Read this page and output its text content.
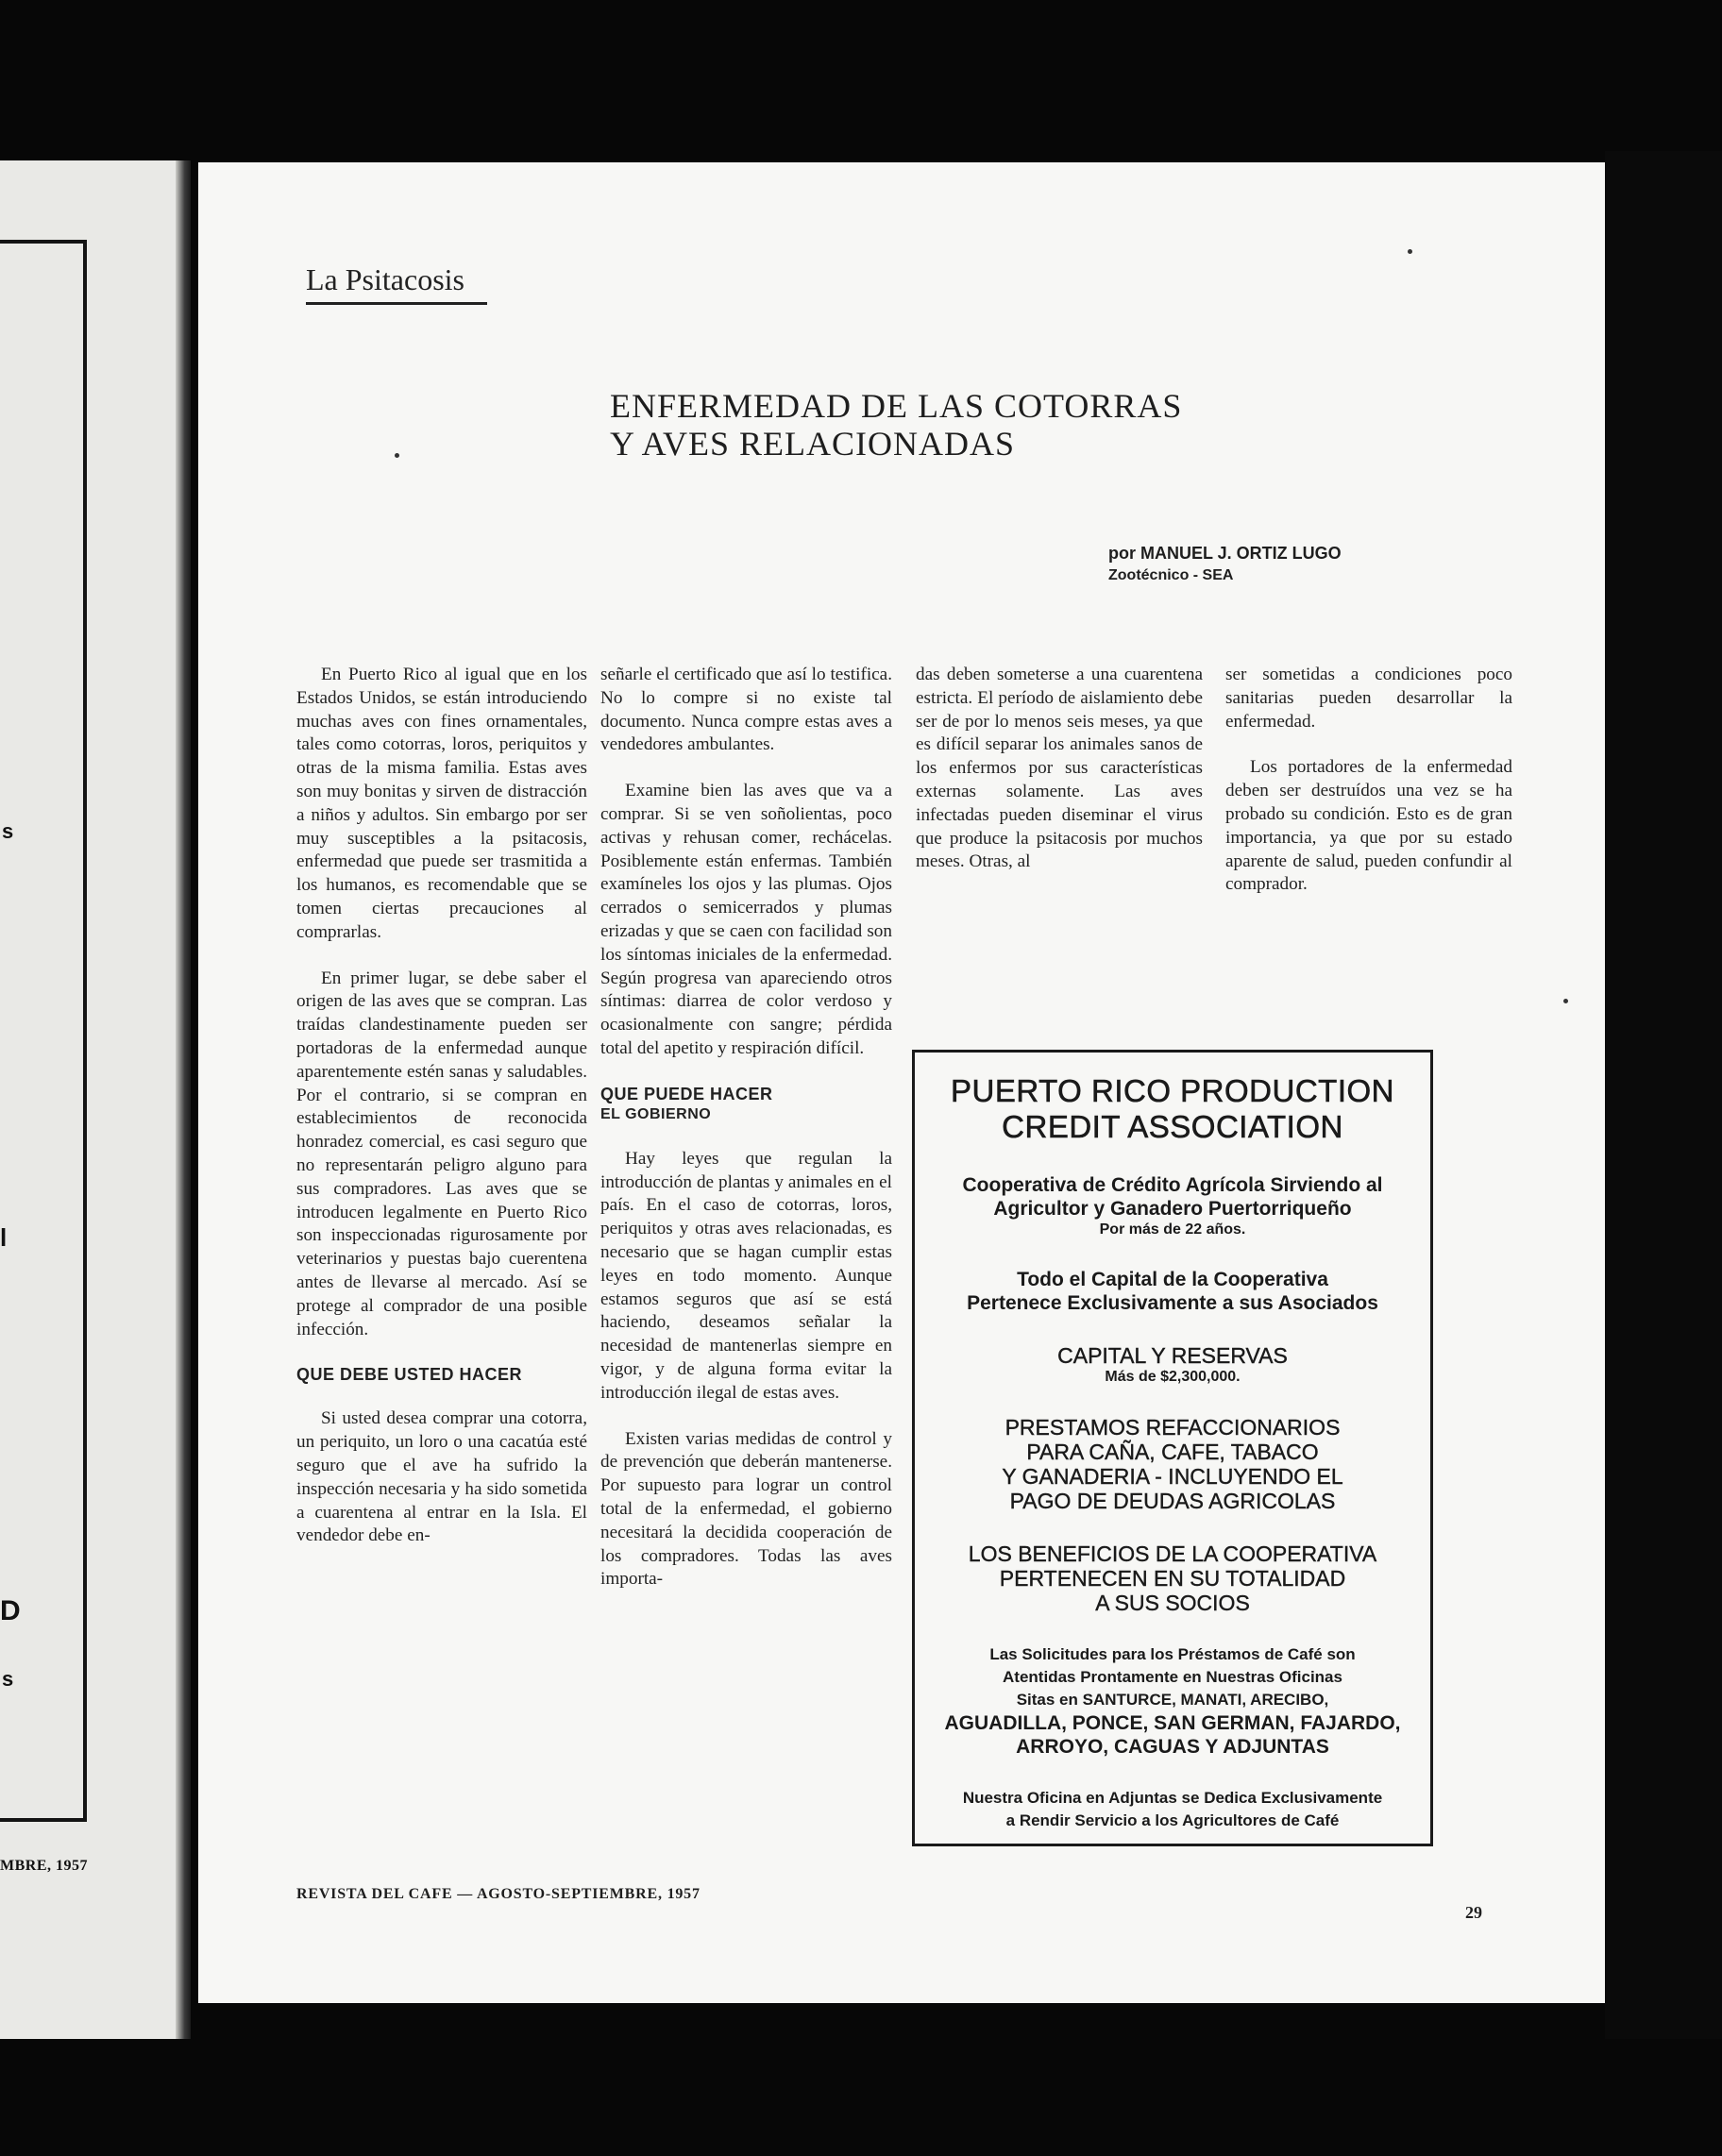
s
l
D
s
MBRE, 1957
La Psitacosis
ENFERMEDAD DE LAS COTORRAS
Y AVES RELACIONADAS
por MANUEL J. ORTIZ LUGO
Zootécnico - SEA

En Puerto Rico al igual que en los Estados Unidos, se están introduciendo muchas aves con fines ornamentales, tales como cotorras, loros, periquitos y otras de la misma familia. Estas aves son muy bonitas y sirven de distracción a niños y adultos. Sin embargo por ser muy susceptibles a la psitacosis, enfermedad que puede ser trasmitida a los humanos, es recomendable que se tomen ciertas precauciones al comprarlas.

En primer lugar, se debe saber el origen de las aves que se compran. Las traídas clandestinamente pueden ser portadoras de la enfermedad aunque aparentemente estén sanas y saludables. Por el contrario, si se compran en establecimientos de reconocida honradez comercial, es casi seguro que no representarán peligro alguno para sus compradores. Las aves que se introducen legalmente en Puerto Rico son inspeccionadas rigurosamente por veterinarios y puestas bajo cuerentena antes de llevarse al mercado. Así se protege al comprador de una posible infección.

QUE DEBE USTED HACER

Si usted desea comprar una cotorra, un periquito, un loro o una cacatúa esté seguro que el ave ha sufrido la inspección necesaria y ha sido sometida a cuarentena al entrar en la Isla. El vendedor debe en-

señarle el certificado que así lo testifica. No lo compre si no existe tal documento. Nunca compre estas aves a vendedores ambulantes.

Examine bien las aves que va a comprar. Si se ven soñolientas, poco activas y rehusan comer, rechácelas. Posiblemente están enfermas. También examíneles los ojos y las plumas. Ojos cerrados o semicerrados y plumas erizadas y que se caen con facilidad son los síntomas iniciales de la enfermedad. Según progresa van apareciendo otros síntimas: diarrea de color verdoso y ocasionalmente con sangre; pérdida total del apetito y respiración difícil.

QUE PUEDE HACER
EL GOBIERNO

Hay leyes que regulan la introducción de plantas y animales en el país. En el caso de cotorras, loros, periquitos y otras aves relacionadas, es necesario que se hagan cumplir estas leyes en todo momento. Aunque estamos seguros que así se está haciendo, deseamos señalar la necesidad de mantenerlas siempre en vigor, y de alguna forma evitar la introducción ilegal de estas aves.

Existen varias medidas de control y de prevención que deberán mantenerse. Por supuesto para lograr un control total de la enfermedad, el gobierno necesitará la decidida cooperación de los compradores. Todas las aves importa-

das deben someterse a una cuarentena estricta. El período de aislamiento debe ser de por lo menos seis meses, ya que es difícil separar los animales sanos de los enfermos por sus características externas solamente. Las aves infectadas pueden diseminar el virus que produce la psitacosis por muchos meses. Otras, al

ser sometidas a condiciones poco sanitarias pueden desarrollar la enfermedad.

Los portadores de la enfermedad deben ser destruídos una vez se ha probado su condición. Esto es de gran importancia, ya que por su estado aparente de salud, pueden confundir al comprador.

PUERTO RICO PRODUCTION
CREDIT ASSOCIATION
Cooperativa de Crédito Agrícola Sirviendo al
Agricultor y Ganadero Puertorriqueño
Por más de 22 años.
Todo el Capital de la Cooperativa
Pertenece Exclusivamente a sus Asociados
CAPITAL Y RESERVAS
Más de $2,300,000.
PRESTAMOS REFACCIONARIOS
PARA CAÑA, CAFE, TABACO
Y GANADERIA - INCLUYENDO EL
PAGO DE DEUDAS AGRICOLAS
LOS BENEFICIOS DE LA COOPERATIVA
PERTENECEN EN SU TOTALIDAD
A SUS SOCIOS
Las Solicitudes para los Préstamos de Café son
Atentidas Prontamente en Nuestras Oficinas
Sitas en SANTURCE, MANATI, ARECIBO,
AGUADILLA, PONCE, SAN GERMAN, FAJARDO,
ARROYO, CAGUAS Y ADJUNTAS
Nuestra Oficina en Adjuntas se Dedica Exclusivamente
a Rendir Servicio a los Agricultores de Café
REVISTA DEL CAFE — AGOSTO-SEPTIEMBRE, 1957
29
